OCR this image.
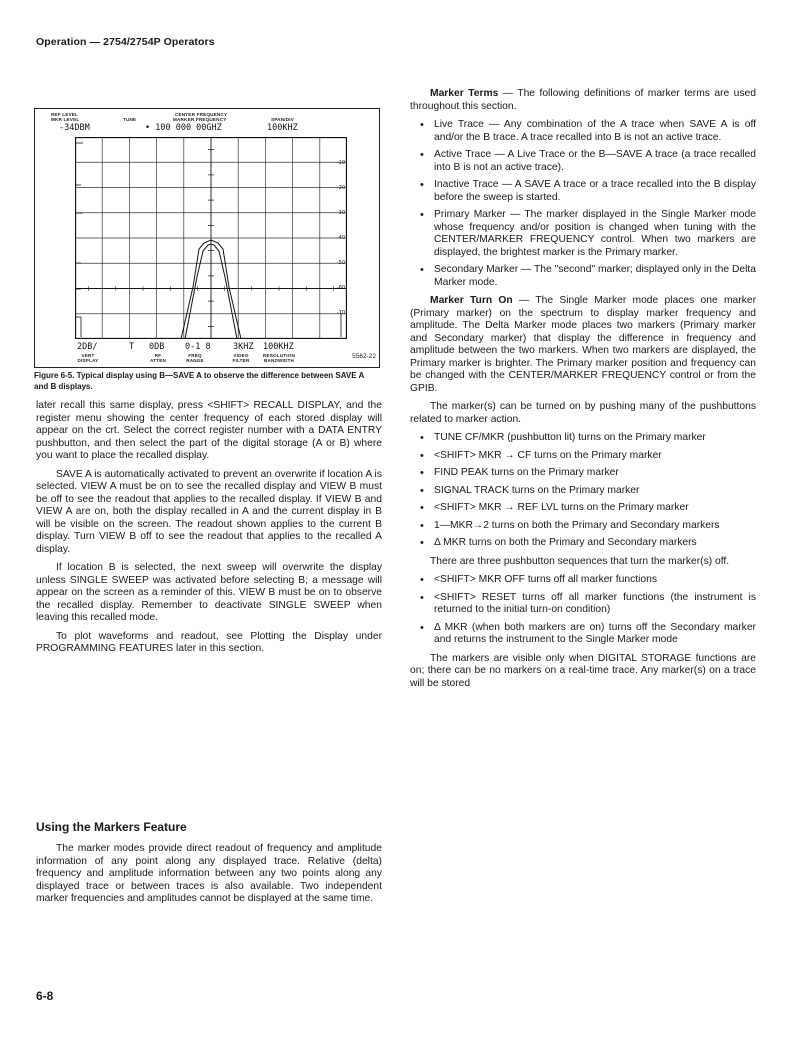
Operation — 2754/2754P Operators
REF LEVEL
MKR LEVEL	TUNE
CENTER FREQUENCY
MARKER FREQUENCY	SPAN/DIV
-34DBM	• 100 000 00GHZ	100KHZ
-10
-20
-30
-40
-50
-60
-70
2DB/	T 0DB 0-1 8	3KHZ 100KHZ
VERT DISPLAY
RF ATTEN
FREQ RANGE
VIDEO FILTER
RESOLUTION BANDWIDTH
5562-22
Figure 6-5. Typical display using B—SAVE A to observe the difference between SAVE A and B displays.

later recall this same display, press <SHIFT> RECALL DISPLAY, and the register menu showing the center frequency of each stored display will appear on the crt. Select the correct register number with a DATA ENTRY pushbutton, and then select the part of the digital storage (A or B) where you want to place the recalled display.

SAVE A is automatically activated to prevent an overwrite if location A is selected. VIEW A must be on to see the recalled display and VIEW B must be off to see the readout that applies to the recalled display. If VIEW B and VIEW A are on, both the display recalled in A and the current display in B will be visible on the screen. The readout shown applies to the current B display. Turn VIEW B off to see the readout that applies to the recalled A display.

If location B is selected, the next sweep will overwrite the display unless SINGLE SWEEP was activated before selecting B; a message will appear on the screen as a reminder of this. VIEW B must be on to observe the recalled display. Remember to deactivate SINGLE SWEEP when leaving this recalled mode.

To plot waveforms and readout, see Plotting the Display under PROGRAMMING FEATURES later in this section.

Using the Markers Feature

The marker modes provide direct readout of frequency and amplitude information of any point along any displayed trace. Relative (delta) frequency and amplitude information between any two points along any displayed trace or between traces is also available. Two independent marker frequencies and amplitudes cannot be displayed at the same time.

Marker Terms — The following definitions of marker terms are used throughout this section.

• Live Trace — Any combination of the A trace when SAVE A is off and/or the B trace. A trace recalled into B is not an active trace.
• Active Trace — A Live Trace or the B—SAVE A trace (a trace recalled into B is not an active trace).
• Inactive Trace — A SAVE A trace or a trace recalled into the B display before the sweep is started.
• Primary Marker — The marker displayed in the Single Marker mode whose frequency and/or position is changed when tuning with the CENTER/MARKER FREQUENCY control. When two markers are displayed, the brightest marker is the Primary marker.
• Secondary Marker — The "second" marker; displayed only in the Delta Marker mode.

Marker Turn On — The Single Marker mode places one marker (Primary marker) on the spectrum to display marker frequency and amplitude. The Delta Marker mode places two markers (Primary marker and Secondary marker) that display the difference in frequency and amplitude between the two markers. When two markers are displayed, the Primary marker is brighter. The Primary marker position and frequency can be changed with the CENTER/MARKER FREQUENCY control or from the GPIB.

The marker(s) can be turned on by pushing many of the pushbuttons related to marker action.

• TUNE CF/MKR (pushbutton lit) turns on the Primary marker
• <SHIFT> MKR → CF turns on the Primary marker
• FIND PEAK turns on the Primary marker
• SIGNAL TRACK turns on the Primary marker
• <SHIFT> MKR → REF LVL turns on the Primary marker
• 1—MKR→2 turns on both the Primary and Secondary markers
• Δ MKR turns on both the Primary and Secondary markers

There are three pushbutton sequences that turn the marker(s) off.

• <SHIFT> MKR OFF turns off all marker functions
• <SHIFT> RESET turns off all marker functions (the instrument is returned to the initial turn-on condition)
• Δ MKR (when both markers are on) turns off the Secondary marker and returns the instrument to the Single Marker mode

The markers are visible only when DIGITAL STORAGE functions are on; there can be no markers on a real-time trace. Any marker(s) on a trace will be stored

6-8
